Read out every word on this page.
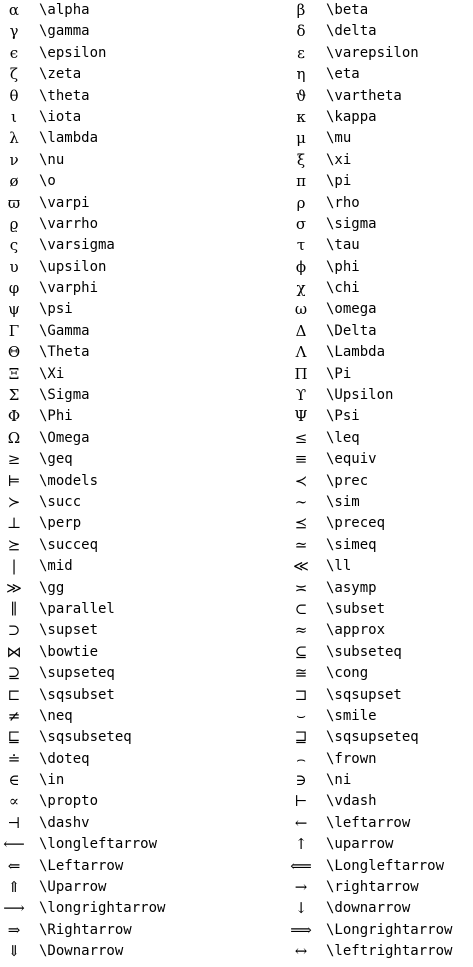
α	\alpha	β	\beta
γ	\gamma	δ	\delta
ϵ	\epsilon	ε	\varepsilon
ζ	\zeta	η	\eta
θ	\theta	ϑ	\vartheta
ι	\iota	κ	\kappa
λ	\lambda	μ	\mu
ν	\nu	ξ	\xi
ø	\o	π	\pi
ϖ	\varpi	ρ	\rho
ϱ	\varrho	σ	\sigma
ς	\varsigma	τ	\tau
υ	\upsilon	ϕ	\phi
φ	\varphi	χ	\chi
ψ	\psi	ω	\omega
Γ	\Gamma	Δ	\Delta
Θ	\Theta	Λ	\Lambda
Ξ	\Xi	Π	\Pi
Σ	\Sigma	ϒ	\Upsilon
Φ	\Phi	Ψ	\Psi
Ω	\Omega	≤	\leq
≥	\geq	≡	\equiv
⊨	\models	≺	\prec
≻	\succ	∼	\sim
⊥	\perp	⪯	\preceq
⪰	\succeq	≃	\simeq
|	\mid	≪	\ll
≫	\gg	≍	\asymp
∥	\parallel	⊂	\subset
⊃	\supset	≈	\approx
⋈	\bowtie	⊆	\subseteq
⊇	\supseteq	≅	\cong
⊏	\sqsubset	⊐	\sqsupset
≠	\neq	⌣	\smile
⊑	\sqsubseteq	⊒	\sqsupseteq
≐	\doteq	⌢	\frown
∈	\in	∋	\ni
∝	\propto	⊢	\vdash
⊣	\dashv	←	\leftarrow
⟵ \longleftarrow	↑	\uparrow
⇐	\Leftarrow	⟸ \Longleftarrow
⇑	\Uparrow	→	\rightarrow
⟶ \longrightarrow	↓	\downarrow
⇒	\Rightarrow	⟹ \Longrightarrow
⇓	\Downarrow	↔	\leftrightarrow
